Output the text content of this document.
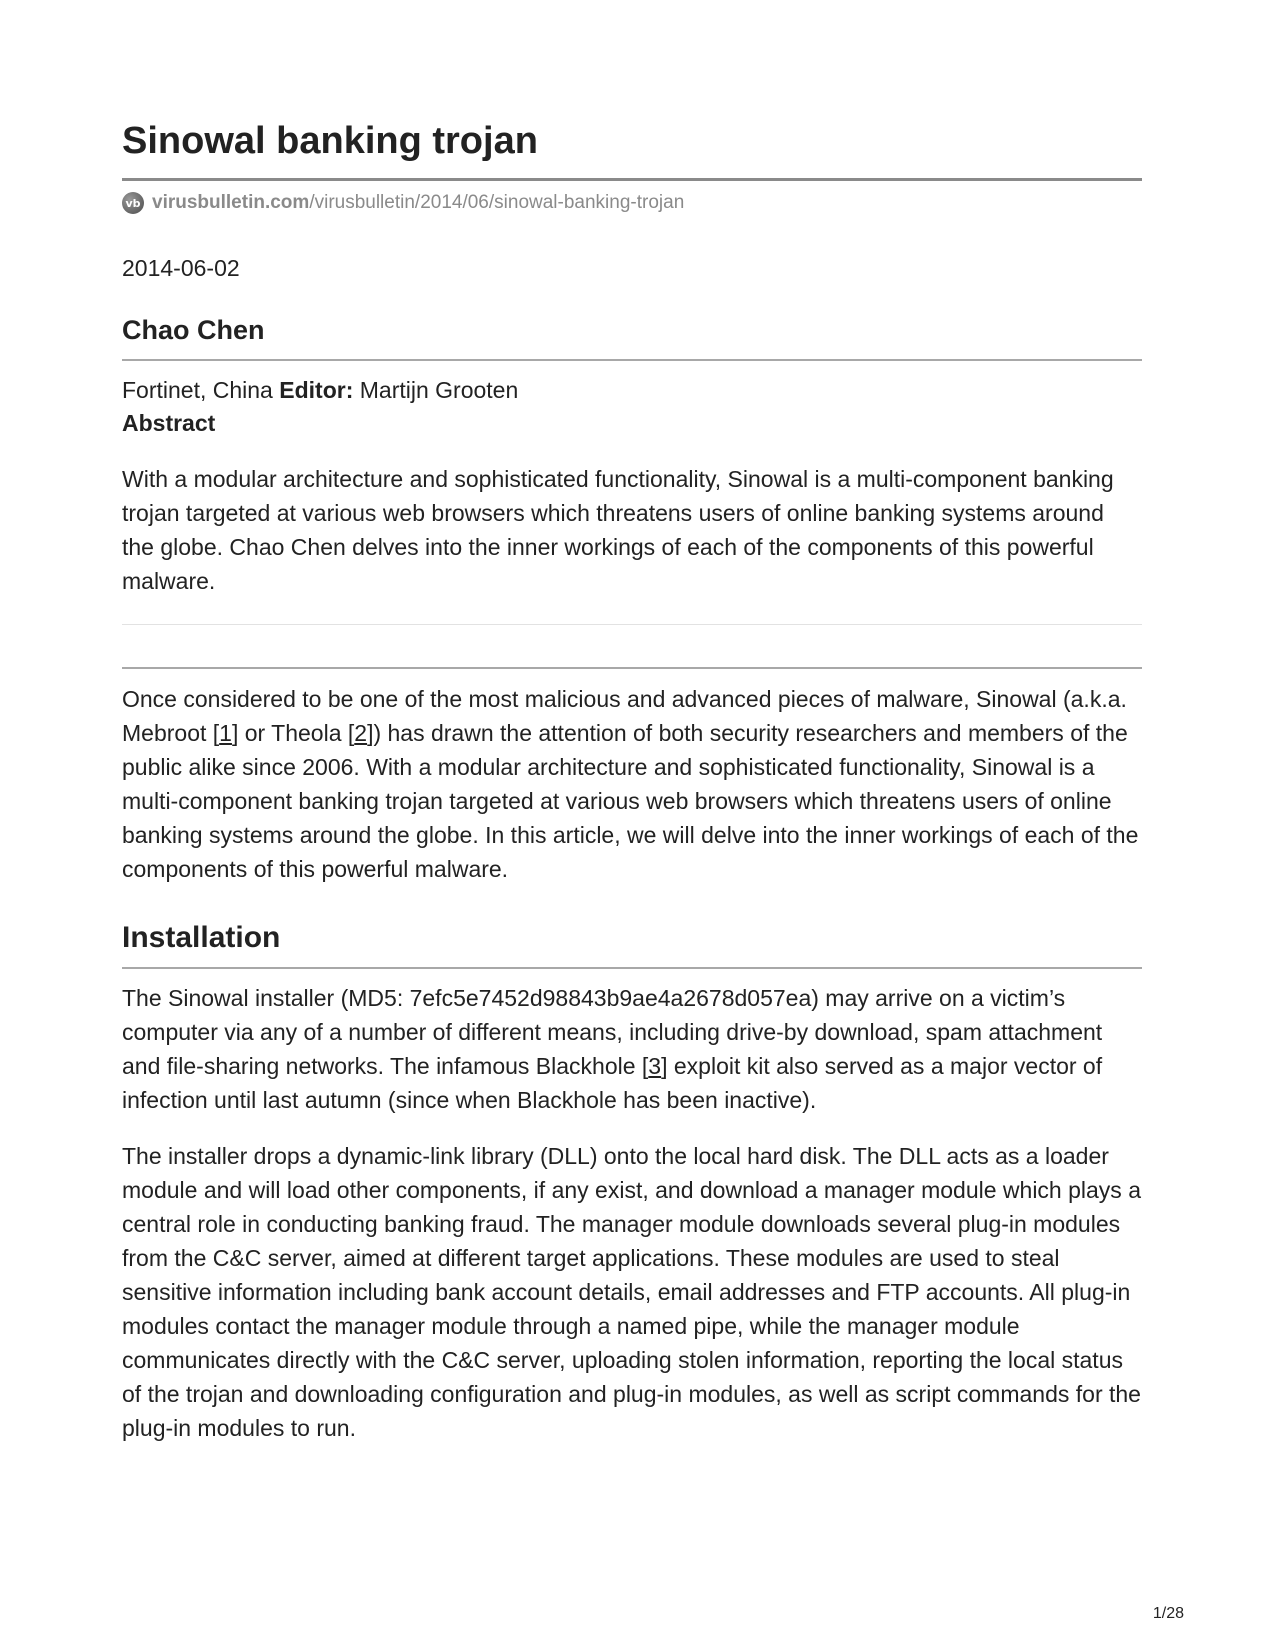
Sinowal banking trojan
vb virusbulletin.com/virusbulletin/2014/06/sinowal-banking-trojan
2014-06-02
Chao Chen
Fortinet, China Editor: Martijn Grooten
Abstract

With a modular architecture and sophisticated functionality, Sinowal is a multi-component banking trojan targeted at various web browsers which threatens users of online banking systems around the globe. Chao Chen delves into the inner workings of each of the components of this powerful malware.

Once considered to be one of the most malicious and advanced pieces of malware, Sinowal (a.k.a. Mebroot [1] or Theola [2]) has drawn the attention of both security researchers and members of the public alike since 2006. With a modular architecture and sophisticated functionality, Sinowal is a multi-component banking trojan targeted at various web browsers which threatens users of online banking systems around the globe. In this article, we will delve into the inner workings of each of the components of this powerful malware.

Installation

The Sinowal installer (MD5: 7efc5e7452d98843b9ae4a2678d057ea) may arrive on a victim’s computer via any of a number of different means, including drive-by download, spam attachment and file-sharing networks. The infamous Blackhole [3] exploit kit also served as a major vector of infection until last autumn (since when Blackhole has been inactive).

The installer drops a dynamic-link library (DLL) onto the local hard disk. The DLL acts as a loader module and will load other components, if any exist, and download a manager module which plays a central role in conducting banking fraud. The manager module downloads several plug-in modules from the C&C server, aimed at different target applications. These modules are used to steal sensitive information including bank account details, email addresses and FTP accounts. All plug-in modules contact the manager module through a named pipe, while the manager module communicates directly with the C&C server, uploading stolen information, reporting the local status of the trojan and downloading configuration and plug-in modules, as well as script commands for the plug-in modules to run.

1/28
